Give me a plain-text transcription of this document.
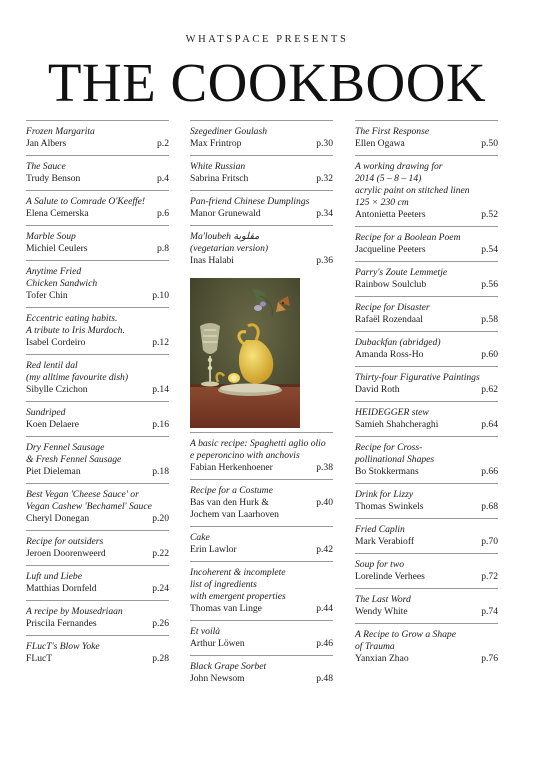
WHATSPACE PRESENTS
THE COOKBOOK
Frozen Margarita
Jan Albers	p.2
The Sauce
Trudy Benson	p.4
A Salute to Comrade O'Keeffe!
Elena Cemerska	p.6
Marble Soup
Michiel Ceulers	p.8
Anytime Fried
Chicken Sandwich
Tofer Chin	p.10
Eccentric eating habits.
A tribute to Iris Murdoch.
Isabel Cordeiro	p.12
Red lentil dal
(my alltime favourite dish)
Sibylle Czichon	p.14
Sundriped
Koen Delaere	p.16
Dry Fennel Sausage
& Fresh Fennel Sausage
Piet Dieleman	p.18
Best Vegan 'Cheese Sauce' or
Vegan Cashew 'Bechamel' Sauce
Cheryl Donegan	p.20
Recipe for outsiders
Jeroen Doorenweerd	p.22
Luft und Liebe
Matthias Dornfeld	p.24
A recipe by Mousedriaan
Priscila Fernandes	p.26
FLucT's Blow Yoke
FLucT	p.28
Szegediner Goulash
Max Frintrop	p.30
White Russian
Sabrina Fritsch	p.32
Pan-friend Chinese Dumplings
Manor Grunewald	p.34
Ma'loubeh مقلوبة
(vegetarian version)
Inas Halabi	p.36
A basic recipe: Spaghetti aglio olio
e peperoncino with anchovis
Fabian Herkenhoener	p.38
Recipe for a Costume
Bas van den Hurk &
Jochem van Laarhoven
p.40
Cake
Erin Lawlor	p.42
Incoherent & incomplete
list of ingredients
with emergent properties
Thomas van Linge	p.44
Et voilà
Arthur Löwen	p.46
Black Grape Sorbet
John Newsom	p.48
The First Response
Ellen Ogawa	p.50
A working drawing for
2014 (5 – 8 – 14)
acrylic paint on stitched linen
125 × 230 cm
Antonietta Peeters	p.52
Recipe for a Boolean Poem
Jacqueline Peeters	p.54
Parry's Zoute Lemmetje
Rainbow Soulclub	p.56
Recipe for Disaster
Rafaël Rozendaal	p.58
Dubackfan (abridged)
Amanda Ross-Ho	p.60
Thirty-four Figurative Paintings
David Roth	p.62
HEIDEGGER stew
Samieh Shahcheraghi	p.64
Recipe for Cross-
pollinational Shapes
Bo Stokkermans	p.66
Drink for Lizzy
Thomas Swinkels	p.68
Fried Caplin
Mark Verabioff	p.70
Soup for two
Lorelinde Verhees	p.72
The Last Word
Wendy White	p.74
A Recipe to Grow a Shape
of Trauma
Yanxian Zhao	p.76
